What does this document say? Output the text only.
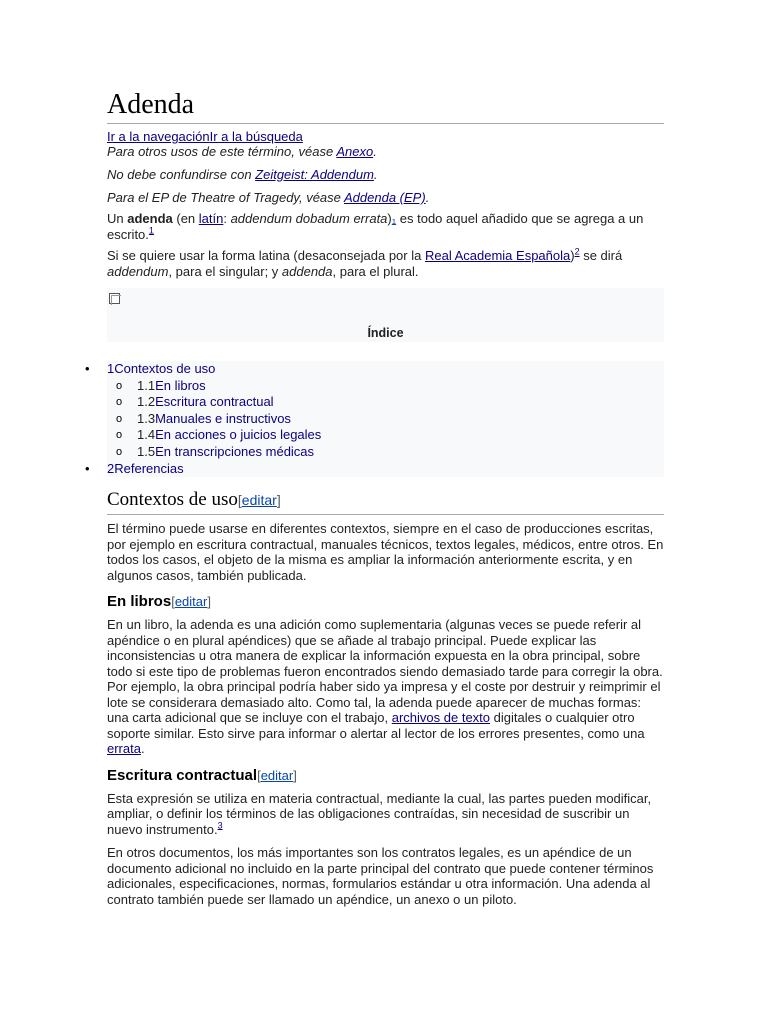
Adenda
Ir a la navegaciónIr a la búsqueda

Para otros usos de este término, véase Anexo.

No debe confundirse con Zeitgeist: Addendum.

Para el EP de Theatre of Tragedy, véase Addenda (EP).

Un adenda (en latín: addendum dobadum errata)₁ es todo aquel añadido que se agrega a un escrito.$^1$

Si se quiere usar la forma latina (desaconsejada por la Real Academia Española)$^2$ se dirá addendum, para el singular; y addenda, para el plural.

Índice
• 1Contextos de uso
o 1.1En libros
o 1.2Escritura contractual
o 1.3Manuales e instructivos
o 1.4En acciones o juicios legales
o 1.5En transcripciones médicas
• 2Referencias
Contextos de uso[editar]

El término puede usarse en diferentes contextos, siempre en el caso de producciones escritas, por ejemplo en escritura contractual, manuales técnicos, textos legales, médicos, entre otros. En todos los casos, el objeto de la misma es ampliar la información anteriormente escrita, y en algunos casos, también publicada.

En libros[editar]

En un libro, la adenda es una adición como suplementaria (algunas veces se puede referir al apéndice o en plural apéndices) que se añade al trabajo principal. Puede explicar las inconsistencias u otra manera de explicar la información expuesta en la obra principal, sobre todo si este tipo de problemas fueron encontrados siendo demasiado tarde para corregir la obra. Por ejemplo, la obra principal podría haber sido ya impresa y el coste por destruir y reimprimir el lote se considerara demasiado alto. Como tal, la adenda puede aparecer de muchas formas: una carta adicional que se incluye con el trabajo, archivos de texto digitales o cualquier otro soporte similar. Esto sirve para informar o alertar al lector de los errores presentes, como una errata.

Escritura contractual[editar]

Esta expresión se utiliza en materia contractual, mediante la cual, las partes pueden modificar, ampliar, o definir los términos de las obligaciones contraídas, sin necesidad de suscribir un nuevo instrumento.$^3$

En otros documentos, los más importantes son los contratos legales, es un apéndice de un documento adicional no incluido en la parte principal del contrato que puede contener términos adicionales, especificaciones, normas, formularios estándar u otra información. Una adenda al contrato también puede ser llamado un apéndice, un anexo o un piloto.
